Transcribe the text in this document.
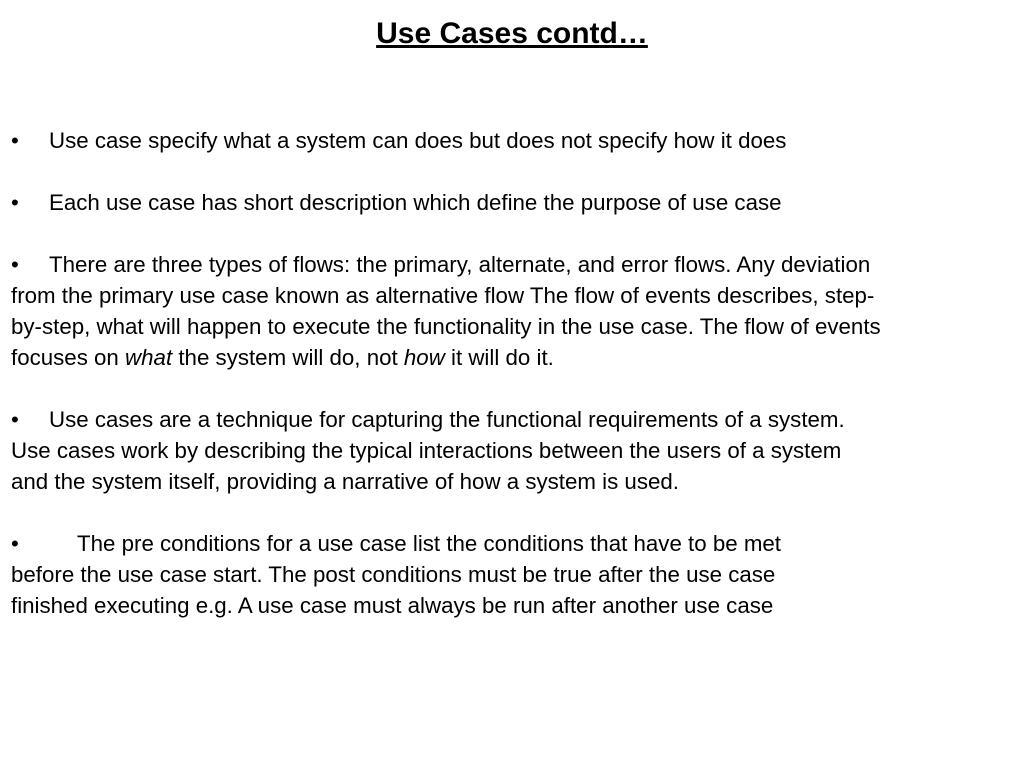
Use Cases contd…
• Use case specify what a system can does but does not specify how it does
• Each use case has short description which define the purpose of use case
• There are three types of flows: the primary, alternate, and error flows. Any deviation
from the primary use case known as alternative flow The flow of events describes, step-
by-step, what will happen to execute the functionality in the use case. The flow of events
focuses on what the system will do, not how it will do it.
• Use cases are a technique for capturing the functional requirements of a system.
Use cases work by describing the typical interactions between the users of a system
and the system itself, providing a narrative of how a system is used.
•	The pre conditions for a use case list the conditions that have to be met
before the use case start. The post conditions must be true after the use case
finished executing e.g. A use case must always be run after another use case
